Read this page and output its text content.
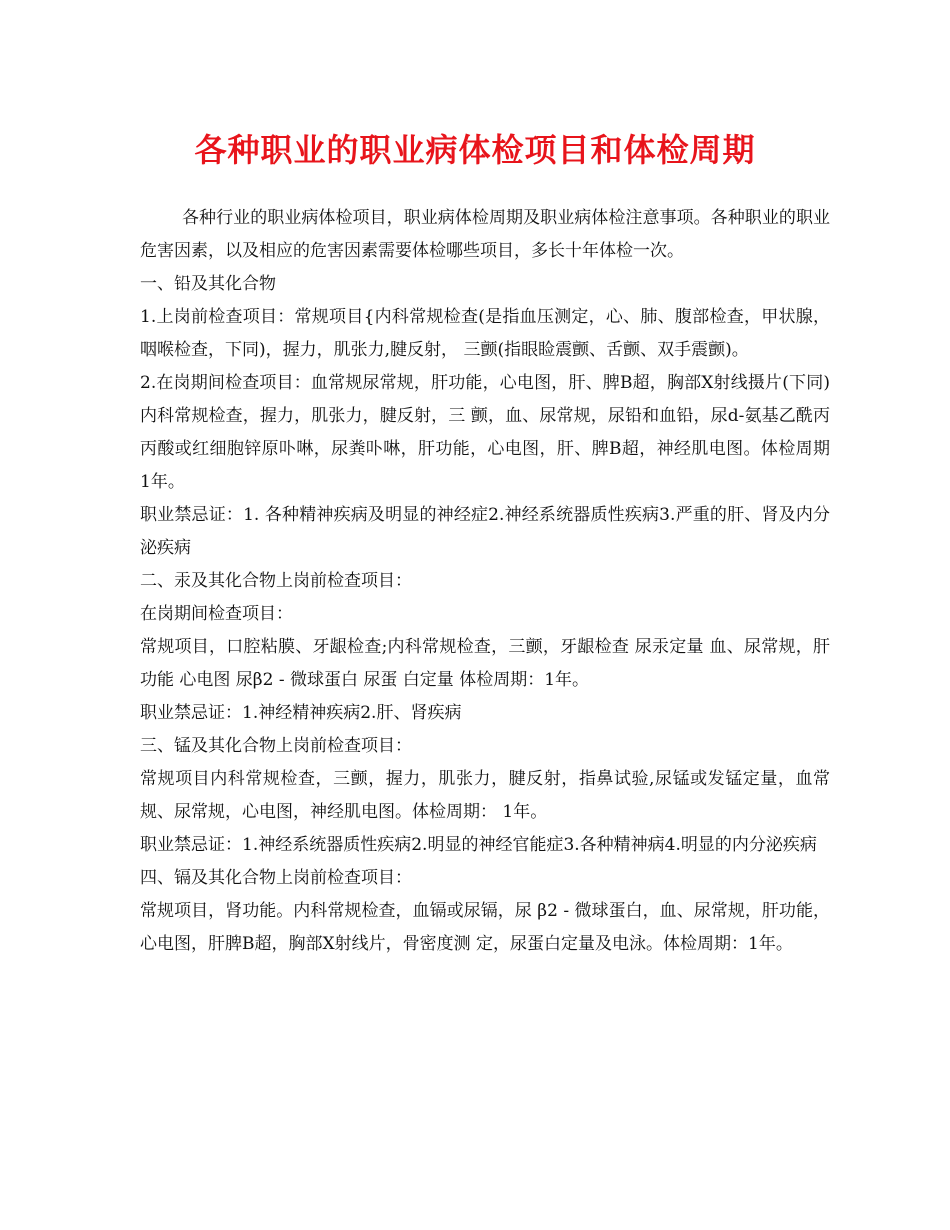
各种职业的职业病体检项目和体检周期

各种行业的职业病体检项目，职业病体检周期及职业病体检注意事项。各种职业的职业危害因素，以及相应的危害因素需要体检哪些项目，多长十年体检一次。

一、铅及其化合物

1.上岗前检查项目：常规项目{内科常规检查(是指血压测定，心、肺、腹部检查，甲状腺，咽喉检查，下同)，握力，肌张力,腱反射， 三颤(指眼睑震颤、舌颤、双手震颤)。

2.在岗期间检查项目：血常规尿常规，肝功能，心电图，肝、脾B超，胸部X射线摄片(下同)内科常规检查，握力，肌张力，腱反射，三 颤，血、尿常规，尿铅和血铅，尿d-氨基乙酰丙丙酸或红细胞锌原卟啉，尿粪卟啉，肝功能，心电图，肝、脾B超，神经肌电图。体检周期 1年。

职业禁忌证：1. 各种精神疾病及明显的神经症2.神经系统器质性疾病3.严重的肝、肾及内分泌疾病

二、汞及其化合物上岗前检查项目：

在岗期间检查项目：

常规项目，口腔粘膜、牙龈检查;内科常规检查，三颤，牙龈检查 尿汞定量 血、尿常规，肝功能 心电图 尿β2 - 微球蛋白 尿蛋 白定量 体检周期：1年。

职业禁忌证：1.神经精神疾病2.肝、肾疾病

三、锰及其化合物上岗前检查项目：

常规项目内科常规检查，三颤，握力，肌张力，腱反射，指鼻试验,尿锰或发锰定量，血常规、尿常规，心电图，神经肌电图。体检周期： 1年。

职业禁忌证：1.神经系统器质性疾病2.明显的神经官能症3.各种精神病4.明显的内分泌疾病

四、镉及其化合物上岗前检查项目：

常规项目，肾功能。内科常规检查，血镉或尿镉，尿 β2 - 微球蛋白，血、尿常规，肝功能，心电图，肝脾B超，胸部X射线片，骨密度测 定，尿蛋白定量及电泳。体检周期：1年。
